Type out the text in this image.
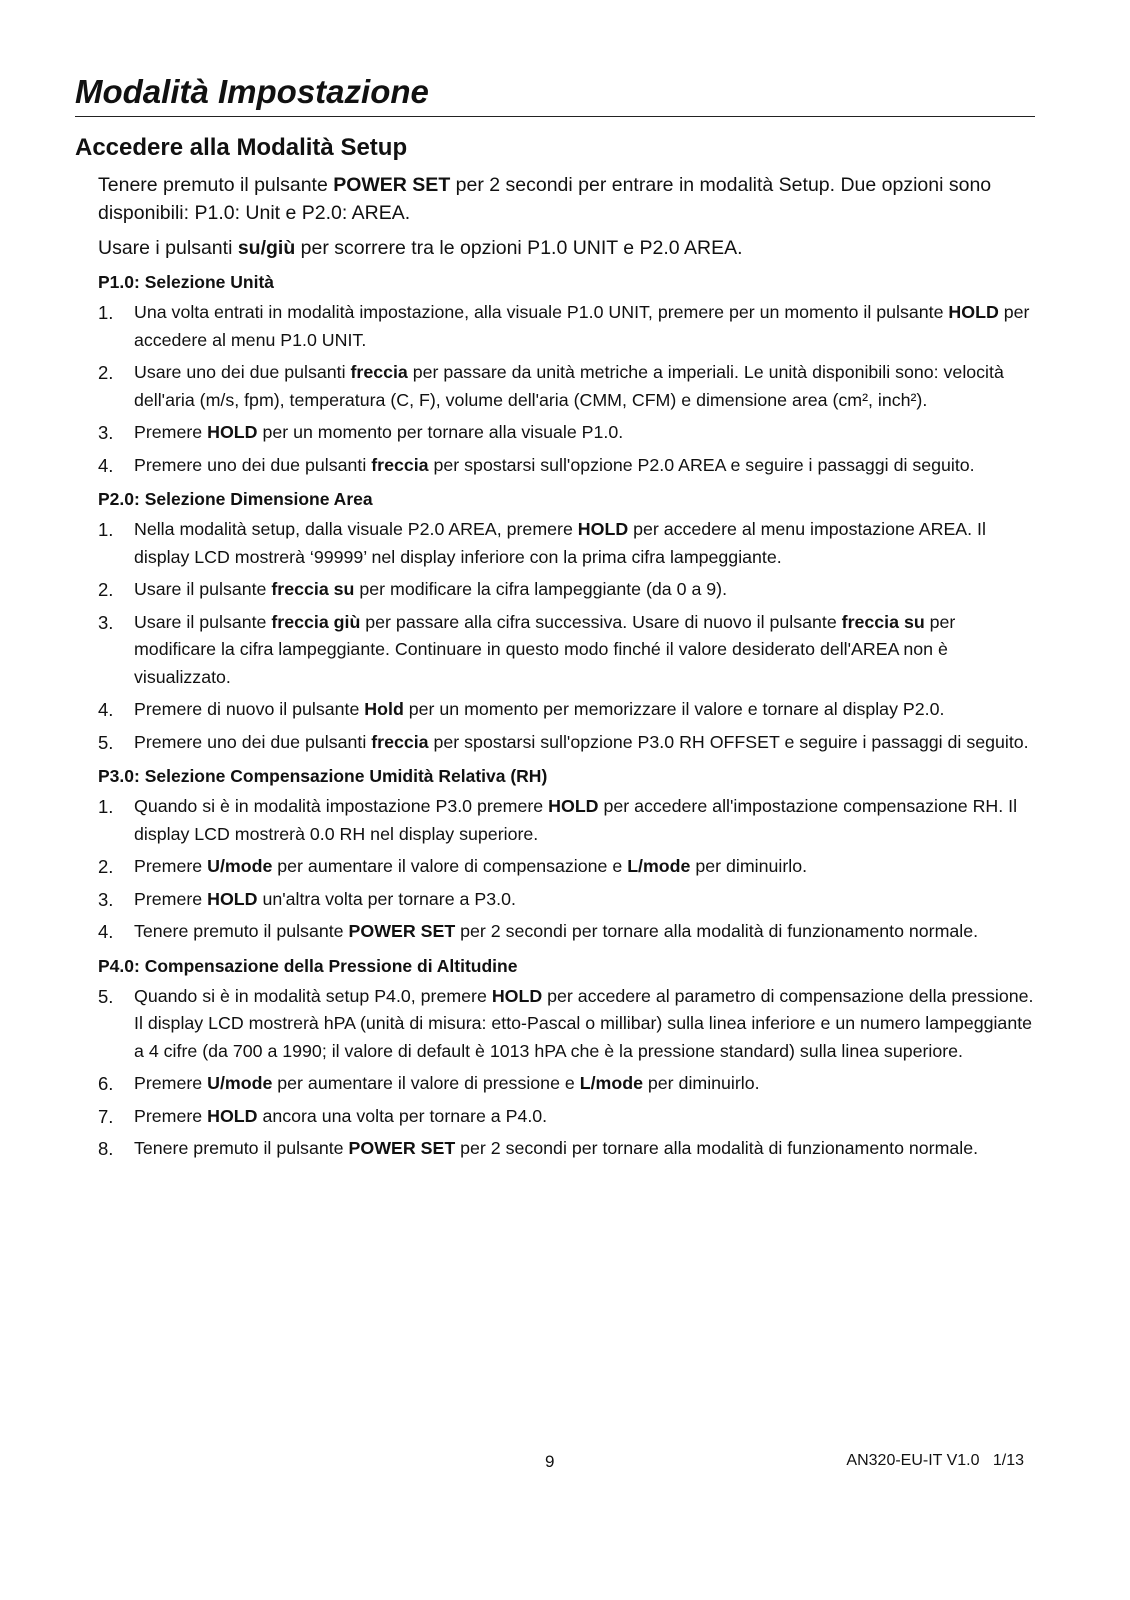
Modalità Impostazione
Accedere alla Modalità Setup

Tenere premuto il pulsante POWER SET per 2 secondi per entrare in modalità Setup. Due opzioni sono disponibili: P1.0: Unit e P2.0: AREA.

Usare i pulsanti su/giù per scorrere tra le opzioni P1.0 UNIT e P2.0 AREA.

P1.0: Selezione Unità
1.	Una volta entrati in modalità impostazione, alla visuale P1.0 UNIT, premere per un momento il pulsante HOLD per accedere al menu P1.0 UNIT.
2.	Usare uno dei due pulsanti freccia per passare da unità metriche a imperiali. Le unità disponibili sono: velocità dell'aria (m/s, fpm), temperatura (C, F), volume dell'aria (CMM, CFM) e dimensione area (cm², inch²).
3.	Premere HOLD per un momento per tornare alla visuale P1.0.
4.	Premere uno dei due pulsanti freccia per spostarsi sull'opzione P2.0 AREA e seguire i passaggi di seguito.
P2.0: Selezione Dimensione Area
1.	Nella modalità setup, dalla visuale P2.0 AREA, premere HOLD per accedere al menu impostazione AREA. Il display LCD mostrerà ‘99999’ nel display inferiore con la prima cifra lampeggiante.
2.	Usare il pulsante freccia su per modificare la cifra lampeggiante (da 0 a 9).
3.	Usare il pulsante freccia giù per passare alla cifra successiva. Usare di nuovo il pulsante freccia su per modificare la cifra lampeggiante. Continuare in questo modo finché il valore desiderato dell'AREA non è visualizzato.
4.	Premere di nuovo il pulsante Hold per un momento per memorizzare il valore e tornare al display P2.0.
5.	Premere uno dei due pulsanti freccia per spostarsi sull'opzione P3.0 RH OFFSET e seguire i passaggi di seguito.
P3.0: Selezione Compensazione Umidità Relativa (RH)
1.	Quando si è in modalità impostazione P3.0 premere HOLD per accedere all'impostazione compensazione RH. Il display LCD mostrerà 0.0 RH nel display superiore.
2.	Premere U/mode per aumentare il valore di compensazione e L/mode per diminuirlo.
3.	Premere HOLD un'altra volta per tornare a P3.0.
4.	Tenere premuto il pulsante POWER SET per 2 secondi per tornare alla modalità di funzionamento normale.
P4.0: Compensazione della Pressione di Altitudine
5.	Quando si è in modalità setup P4.0, premere HOLD per accedere al parametro di compensazione della pressione. Il display LCD mostrerà hPA (unità di misura: etto-Pascal o millibar) sulla linea inferiore e un numero lampeggiante a 4 cifre (da 700 a 1990; il valore di default è 1013 hPA che è la pressione standard) sulla linea superiore.
6.	Premere U/mode per aumentare il valore di pressione e L/mode per diminuirlo.
7.	Premere HOLD ancora una volta per tornare a P4.0.
8.	Tenere premuto il pulsante POWER SET per 2 secondi per tornare alla modalità di funzionamento normale.
9	AN320-EU-IT V1.0   1/13
